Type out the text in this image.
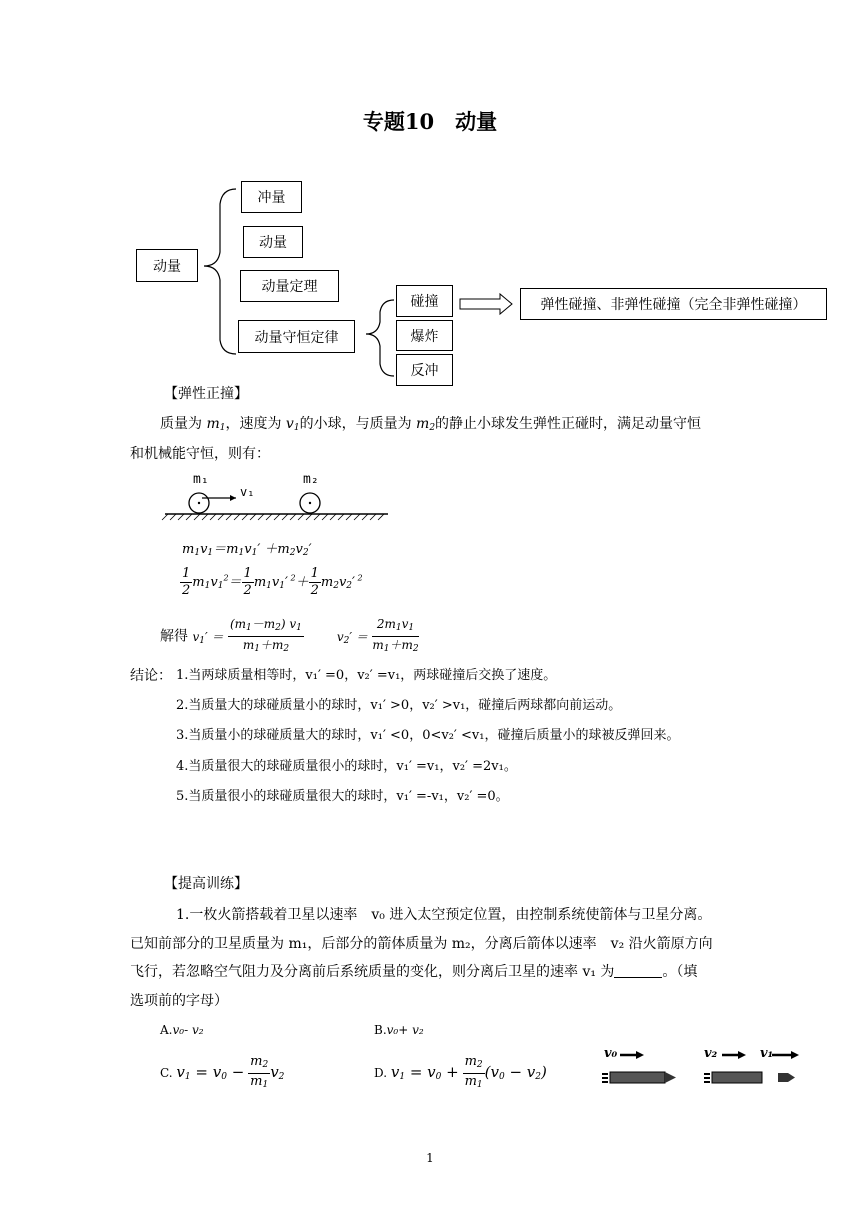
专题10　动量
动量
冲量
动量
动量定理
动量守恒定律
碰撞
爆炸
反冲
弹性碰撞、非弹性碰撞（完全非弹性碰撞）
【弹性正撞】
质量为 $m_1$，速度为 $v_1$的小球，与质量为 $m_2$的静止小球发生弹性正碰时，满足动量守恒
和机械能守恒，则有：
m₁
v₁
m₂
$m_1v_1=m_1v_1' +m_2v_2'$
$\frac{1}{2} m_1v_1^2= \frac{1}{2} m_1v_1'$ $^2+ \frac{1}{2} m_2v_2'$ $^2$
解得 $v_1' = \frac{(m_1-m_2) v_1}{m_1+m_2}$	$v_2' = \frac{2m_1v_1}{m_1+m_2}$
结论： 1.当两球质量相等时，v₁′ =0，v₂′ =v₁，两球碰撞后交换了速度。
2.当质量大的球碰质量小的球时，v₁′ >0，v₂′ >v₁，碰撞后两球都向前运动。
3.当质量小的球碰质量大的球时，v₁′ <0，0<v₂′ <v₁，碰撞后质量小的球被反弹回来。
4.当质量很大的球碰质量很小的球时，v₁′ =v₁，v₂′ =2v₁。
5.当质量很小的球碰质量很大的球时，v₁′ =-v₁，v₂′ =0。
【提高训练】
1.一枚火箭搭载着卫星以速率　v₀ 进入太空预定位置，由控制系统使箭体与卫星分离。
已知前部分的卫星质量为 m₁，后部分的箭体质量为 m₂，分离后箭体以速率　v₂ 沿火箭原方向
飞行，若忽略空气阻力及分离前后系统质量的变化，则分离后卫星的速率 v₁ 为	。（填
选项前的字母）
A.v₀- v₂	B.v₀+ v₂
C. $v_1 = v_0 - \frac{m_2}{m_1} v_2$	D. $v_1 = v_0 + \frac{m_2}{m_1} (v_0 - v_2)$
v₀	v₂	v₁
1
